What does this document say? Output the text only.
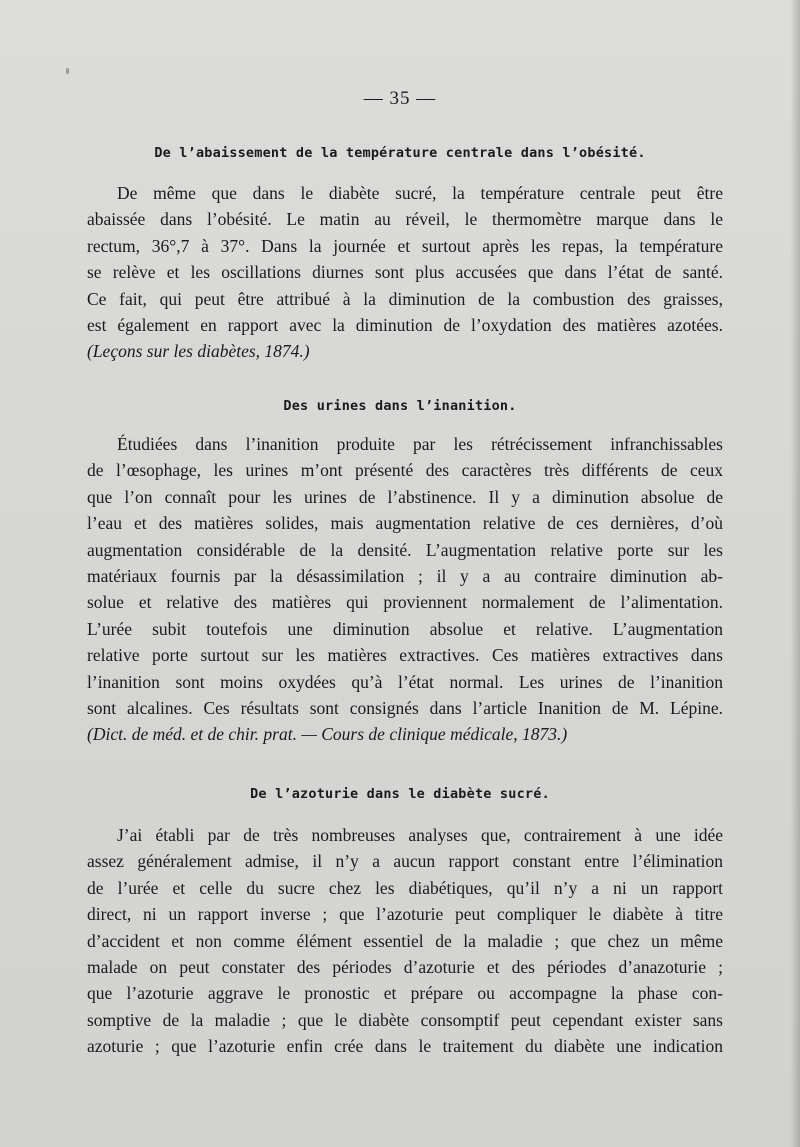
— 35 —
De l’abaissement de la température centrale dans l’obésité.
De même que dans le diabète sucré, la température centrale peut être
abaissée dans l’obésité. Le matin au réveil, le thermomètre marque dans le
rectum, 36°,7 à 37°. Dans la journée et surtout après les repas, la température
se relève et les oscillations diurnes sont plus accusées que dans l’état de santé.
Ce fait, qui peut être attribué à la diminution de la combustion des graisses,
est également en rapport avec la diminution de l’oxydation des matières azotées.
(Leçons sur les diabètes, 1874.)
Des urines dans l’inanition.
Étudiées dans l’inanition produite par les rétrécissement infranchissables
de l’œsophage, les urines m’ont présenté des caractères très différents de ceux
que l’on connaît pour les urines de l’abstinence. Il y a diminution absolue de
l’eau et des matières solides, mais augmentation relative de ces dernières, d’où
augmentation considérable de la densité. L’augmentation relative porte sur les
matériaux fournis par la désassimilation ; il y a au contraire diminution ab-
solue et relative des matières qui proviennent normalement de l’alimentation.
L’urée subit toutefois une diminution absolue et relative. L’augmentation
relative porte surtout sur les matières extractives. Ces matières extractives dans
l’inanition sont moins oxydées qu’à l’état normal. Les urines de l’inanition
sont alcalines. Ces résultats sont consignés dans l’article Inanition de M. Lépine.
(Dict. de méd. et de chir. prat. — Cours de clinique médicale, 1873.)
De l’azoturie dans le diabète sucré.
J’ai établi par de très nombreuses analyses que, contrairement à une idée
assez généralement admise, il n’y a aucun rapport constant entre l’élimination
de l’urée et celle du sucre chez les diabétiques, qu’il n’y a ni un rapport
direct, ni un rapport inverse ; que l’azoturie peut compliquer le diabète à titre
d’accident et non comme élément essentiel de la maladie ; que chez un même
malade on peut constater des périodes d’azoturie et des périodes d’anazoturie ;
que l’azoturie aggrave le pronostic et prépare ou accompagne la phase con-
somptive de la maladie ; que le diabète consomptif peut cependant exister sans
azoturie ; que l’azoturie enfin crée dans le traitement du diabète une indication
